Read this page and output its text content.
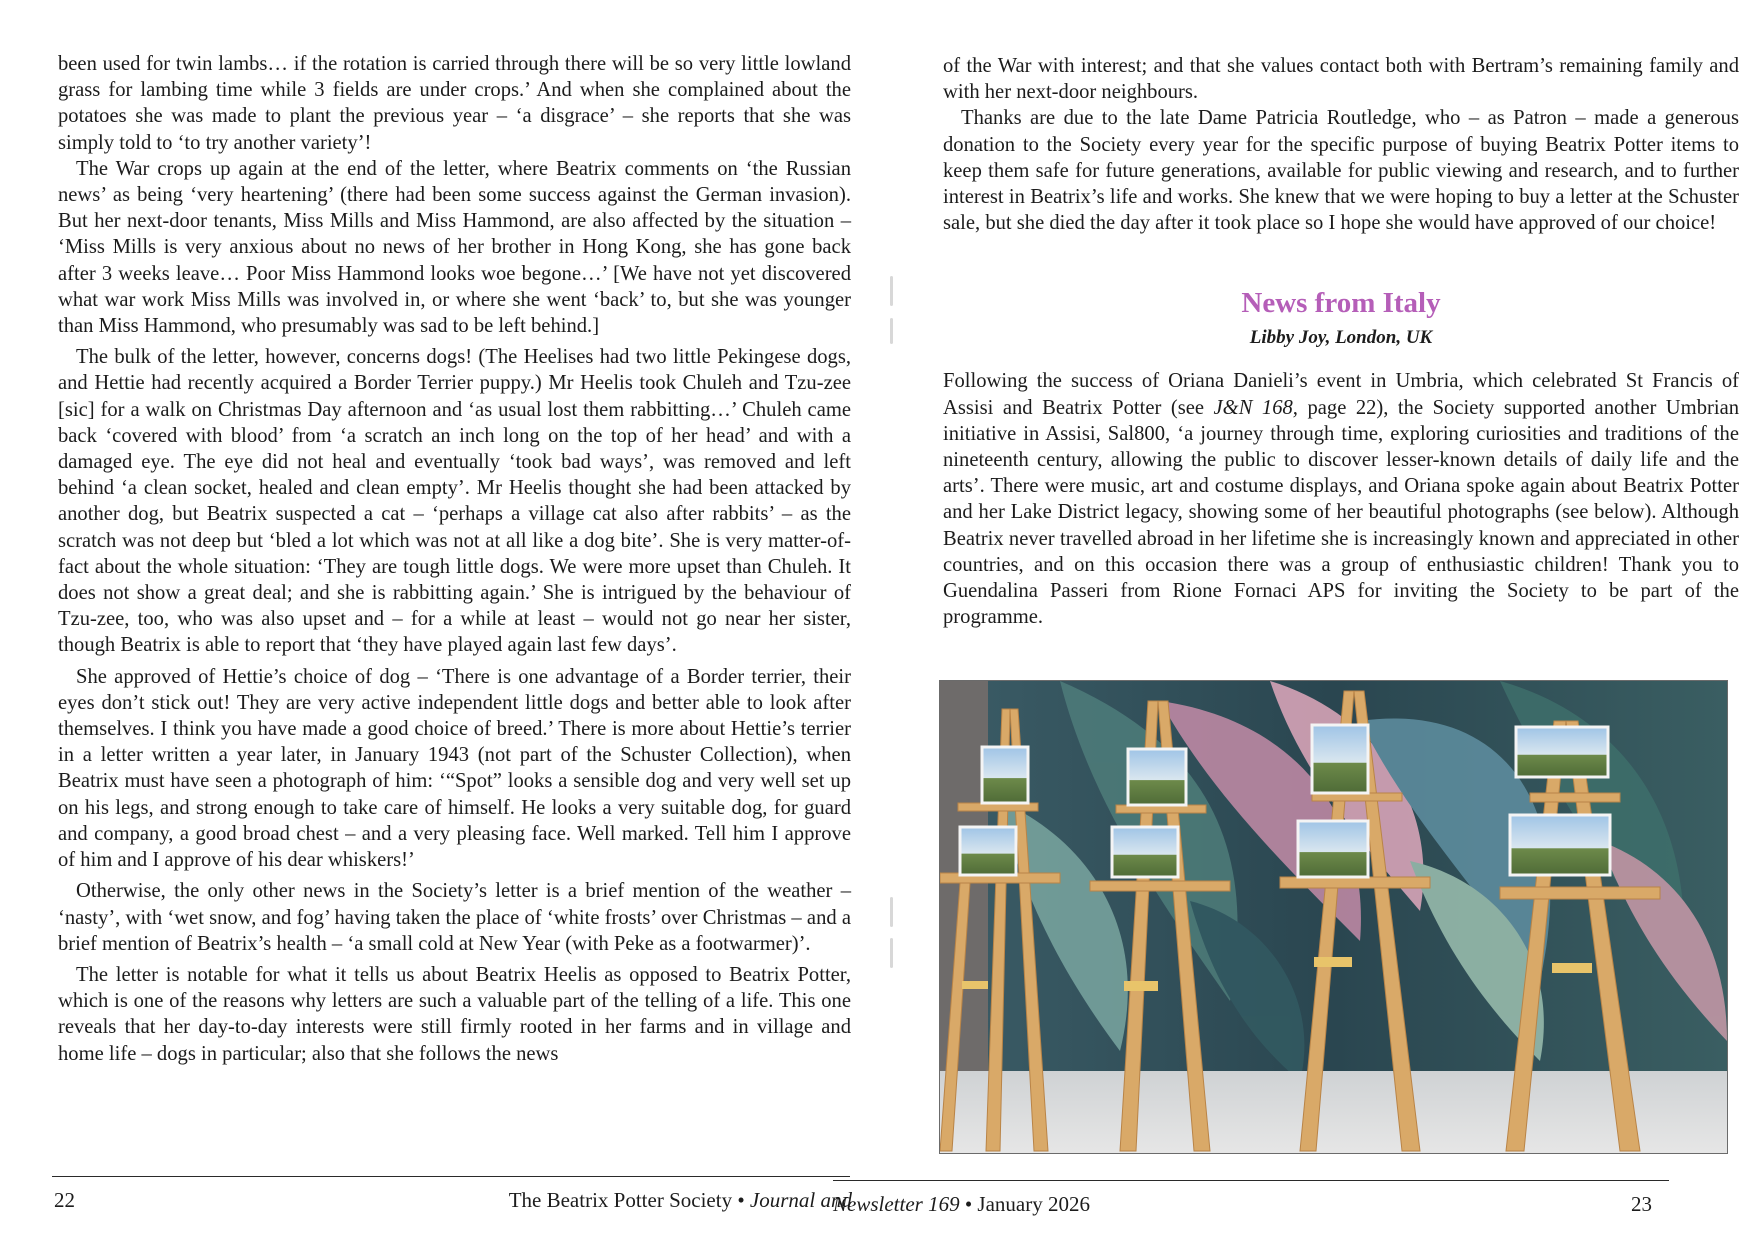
been used for twin lambs… if the rotation is carried through there will be so very little lowland grass for lambing time while 3 fields are under crops.’ And when she complained about the potatoes she was made to plant the previous year – ‘a disgrace’ – she reports that she was simply told to ‘to try another variety’!

The War crops up again at the end of the letter, where Beatrix comments on ‘the Russian news’ as being ‘very heartening’ (there had been some success against the German invasion). But her next-door tenants, Miss Mills and Miss Hammond, are also affected by the situation – ‘Miss Mills is very anxious about no news of her brother in Hong Kong, she has gone back after 3 weeks leave… Poor Miss Hammond looks woe begone…’ [We have not yet discovered what war work Miss Mills was involved in, or where she went ‘back’ to, but she was younger than Miss Hammond, who presumably was sad to be left behind.]

The bulk of the letter, however, concerns dogs! (The Heelises had two little Pekingese dogs, and Hettie had recently acquired a Border Terrier puppy.) Mr Heelis took Chuleh and Tzu-zee [sic] for a walk on Christmas Day afternoon and ‘as usual lost them rabbitting…’ Chuleh came back ‘covered with blood’ from ‘a scratch an inch long on the top of her head’ and with a damaged eye. The eye did not heal and eventually ‘took bad ways’, was removed and left behind ‘a clean socket, healed and clean empty’. Mr Heelis thought she had been attacked by another dog, but Beatrix suspected a cat – ‘perhaps a village cat also after rabbits’ – as the scratch was not deep but ‘bled a lot which was not at all like a dog bite’. She is very matter-of-fact about the whole situation: ‘They are tough little dogs. We were more upset than Chuleh. It does not show a great deal; and she is rabbitting again.’ She is intrigued by the behaviour of Tzu-zee, too, who was also upset and – for a while at least – would not go near her sister, though Beatrix is able to report that ‘they have played again last few days’.

She approved of Hettie’s choice of dog – ‘There is one advantage of a Border terrier, their eyes don’t stick out! They are very active independent little dogs and better able to look after themselves. I think you have made a good choice of breed.’ There is more about Hettie’s terrier in a letter written a year later, in January 1943 (not part of the Schuster Collection), when Beatrix must have seen a photograph of him: ‘“Spot” looks a sensible dog and very well set up on his legs, and strong enough to take care of himself. He looks a very suitable dog, for guard and company, a good broad chest – and a very pleasing face. Well marked. Tell him I approve of him and I approve of his dear whiskers!’

Otherwise, the only other news in the Society’s letter is a brief mention of the weather – ‘nasty’, with ‘wet snow, and fog’ having taken the place of ‘white frosts’ over Christmas – and a brief mention of Beatrix’s health – ‘a small cold at New Year (with Peke as a footwarmer)’.

The letter is notable for what it tells us about Beatrix Heelis as opposed to Beatrix Potter, which is one of the reasons why letters are such a valuable part of the telling of a life. This one reveals that her day-to-day interests were still firmly rooted in her farms and in village and home life – dogs in particular; also that she follows the news

22	The Beatrix Potter Society • Journal and

of the War with interest; and that she values contact both with Bertram’s remaining family and with her next-door neighbours.

Thanks are due to the late Dame Patricia Routledge, who – as Patron – made a generous donation to the Society every year for the specific purpose of buying Beatrix Potter items to keep them safe for future generations, available for public viewing and research, and to further interest in Beatrix’s life and works. She knew that we were hoping to buy a letter at the Schuster sale, but she died the day after it took place so I hope she would have approved of our choice!

News from Italy
Libby Joy, London, UK

Following the success of Oriana Danieli’s event in Umbria, which celebrated St Francis of Assisi and Beatrix Potter (see J&N 168, page 22), the Society supported another Umbrian initiative in Assisi, Sal800, ‘a journey through time, exploring curiosities and traditions of the nineteenth century, allowing the public to discover lesser-known details of daily life and the arts’. There were music, art and costume displays, and Oriana spoke again about Beatrix Potter and her Lake District legacy, showing some of her beautiful photographs (see below). Although Beatrix never travelled abroad in her lifetime she is increasingly known and appreciated in other countries, and on this occasion there was a group of enthusiastic children! Thank you to Guendalina Passeri from Rione Fornaci APS for inviting the Society to be part of the programme.

Newsletter 169 • January 2026	23
